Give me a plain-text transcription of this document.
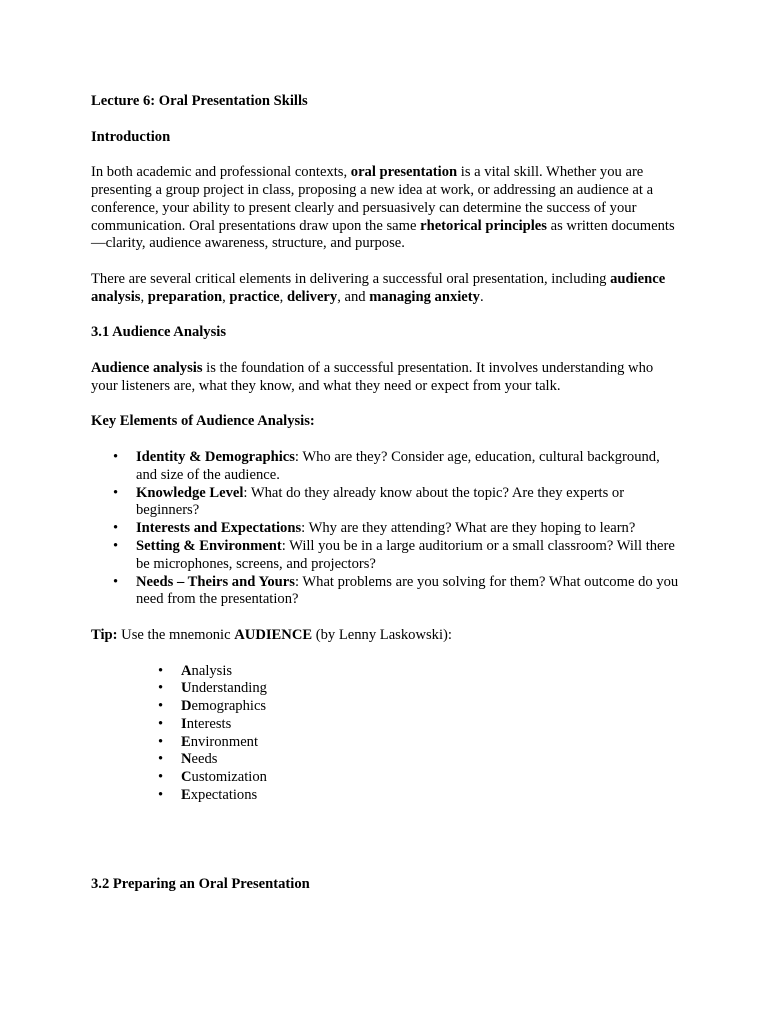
Lecture 6: Oral Presentation Skills
Introduction
In both academic and professional contexts, oral presentation is a vital skill. Whether you are presenting a group project in class, proposing a new idea at work, or addressing an audience at a conference, your ability to present clearly and persuasively can determine the success of your communication. Oral presentations draw upon the same rhetorical principles as written documents—clarity, audience awareness, structure, and purpose.
There are several critical elements in delivering a successful oral presentation, including audience analysis, preparation, practice, delivery, and managing anxiety.
3.1 Audience Analysis
Audience analysis is the foundation of a successful presentation. It involves understanding who your listeners are, what they know, and what they need or expect from your talk.
Key Elements of Audience Analysis:
• Identity & Demographics: Who are they? Consider age, education, cultural background, and size of the audience.
• Knowledge Level: What do they already know about the topic? Are they experts or beginners?
• Interests and Expectations: Why are they attending? What are they hoping to learn?
• Setting & Environment: Will you be in a large auditorium or a small classroom? Will there be microphones, screens, and projectors?
• Needs – Theirs and Yours: What problems are you solving for them? What outcome do you need from the presentation?
Tip: Use the mnemonic AUDIENCE (by Lenny Laskowski):
• Analysis
• Understanding
• Demographics
• Interests
• Environment
• Needs
• Customization
• Expectations
3.2 Preparing an Oral Presentation
